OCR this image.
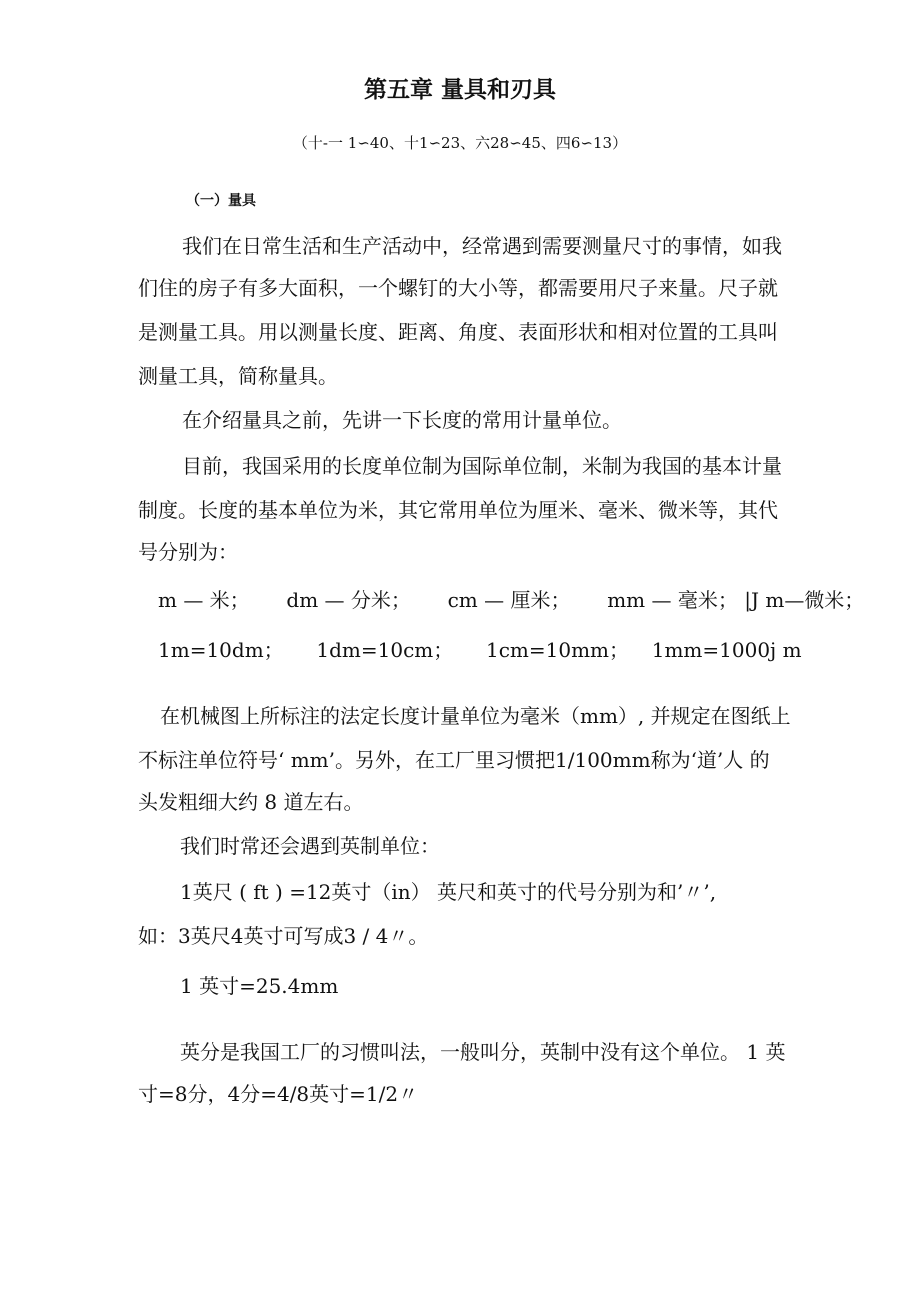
第五章 量具和刃具
（十-一 1∽40、十1∽23、六28∽45、四6∽13）
（一）量具
我们在日常生活和生产活动中，经常遇到需要测量尺寸的事情，如我
们住的房子有多大面积，一个螺钉的大小等，都需要用尺子来量。尺子就
是测量工具。用以测量长度、距离、角度、表面形状和相对位置的工具叫
测量工具，简称量具。
在介绍量具之前，先讲一下长度的常用计量单位。
目前，我国采用的长度单位制为国际单位制，米制为我国的基本计量
制度。长度的基本单位为米，其它常用单位为厘米、毫米、微米等，其代
号分别为：
m — 米； dm — 分米； cm — 厘米； mm — 毫米； |J m—微米；
1m=10dm； 1dm=10cm； 1cm=10mm； 1mm=1000j m
在机械图上所标注的法定长度计量单位为毫米（mm）, 并规定在图纸上
不标注单位符号‘ mm’。另外，在工厂里习惯把1/100mm称为‘道’人 的
头发粗细大约 8 道左右。
我们时常还会遇到英制单位：
1英尺 ( ft ) =12英寸（in） 英尺和英寸的代号分别为和’〃’,
如：3英尺4英寸可写成3 / 4〃。
1 英寸=25.4mm
英分是我国工厂的习惯叫法，一般叫分，英制中没有这个单位。 1 英
寸=8分，4分=4/8英寸=1/2〃
